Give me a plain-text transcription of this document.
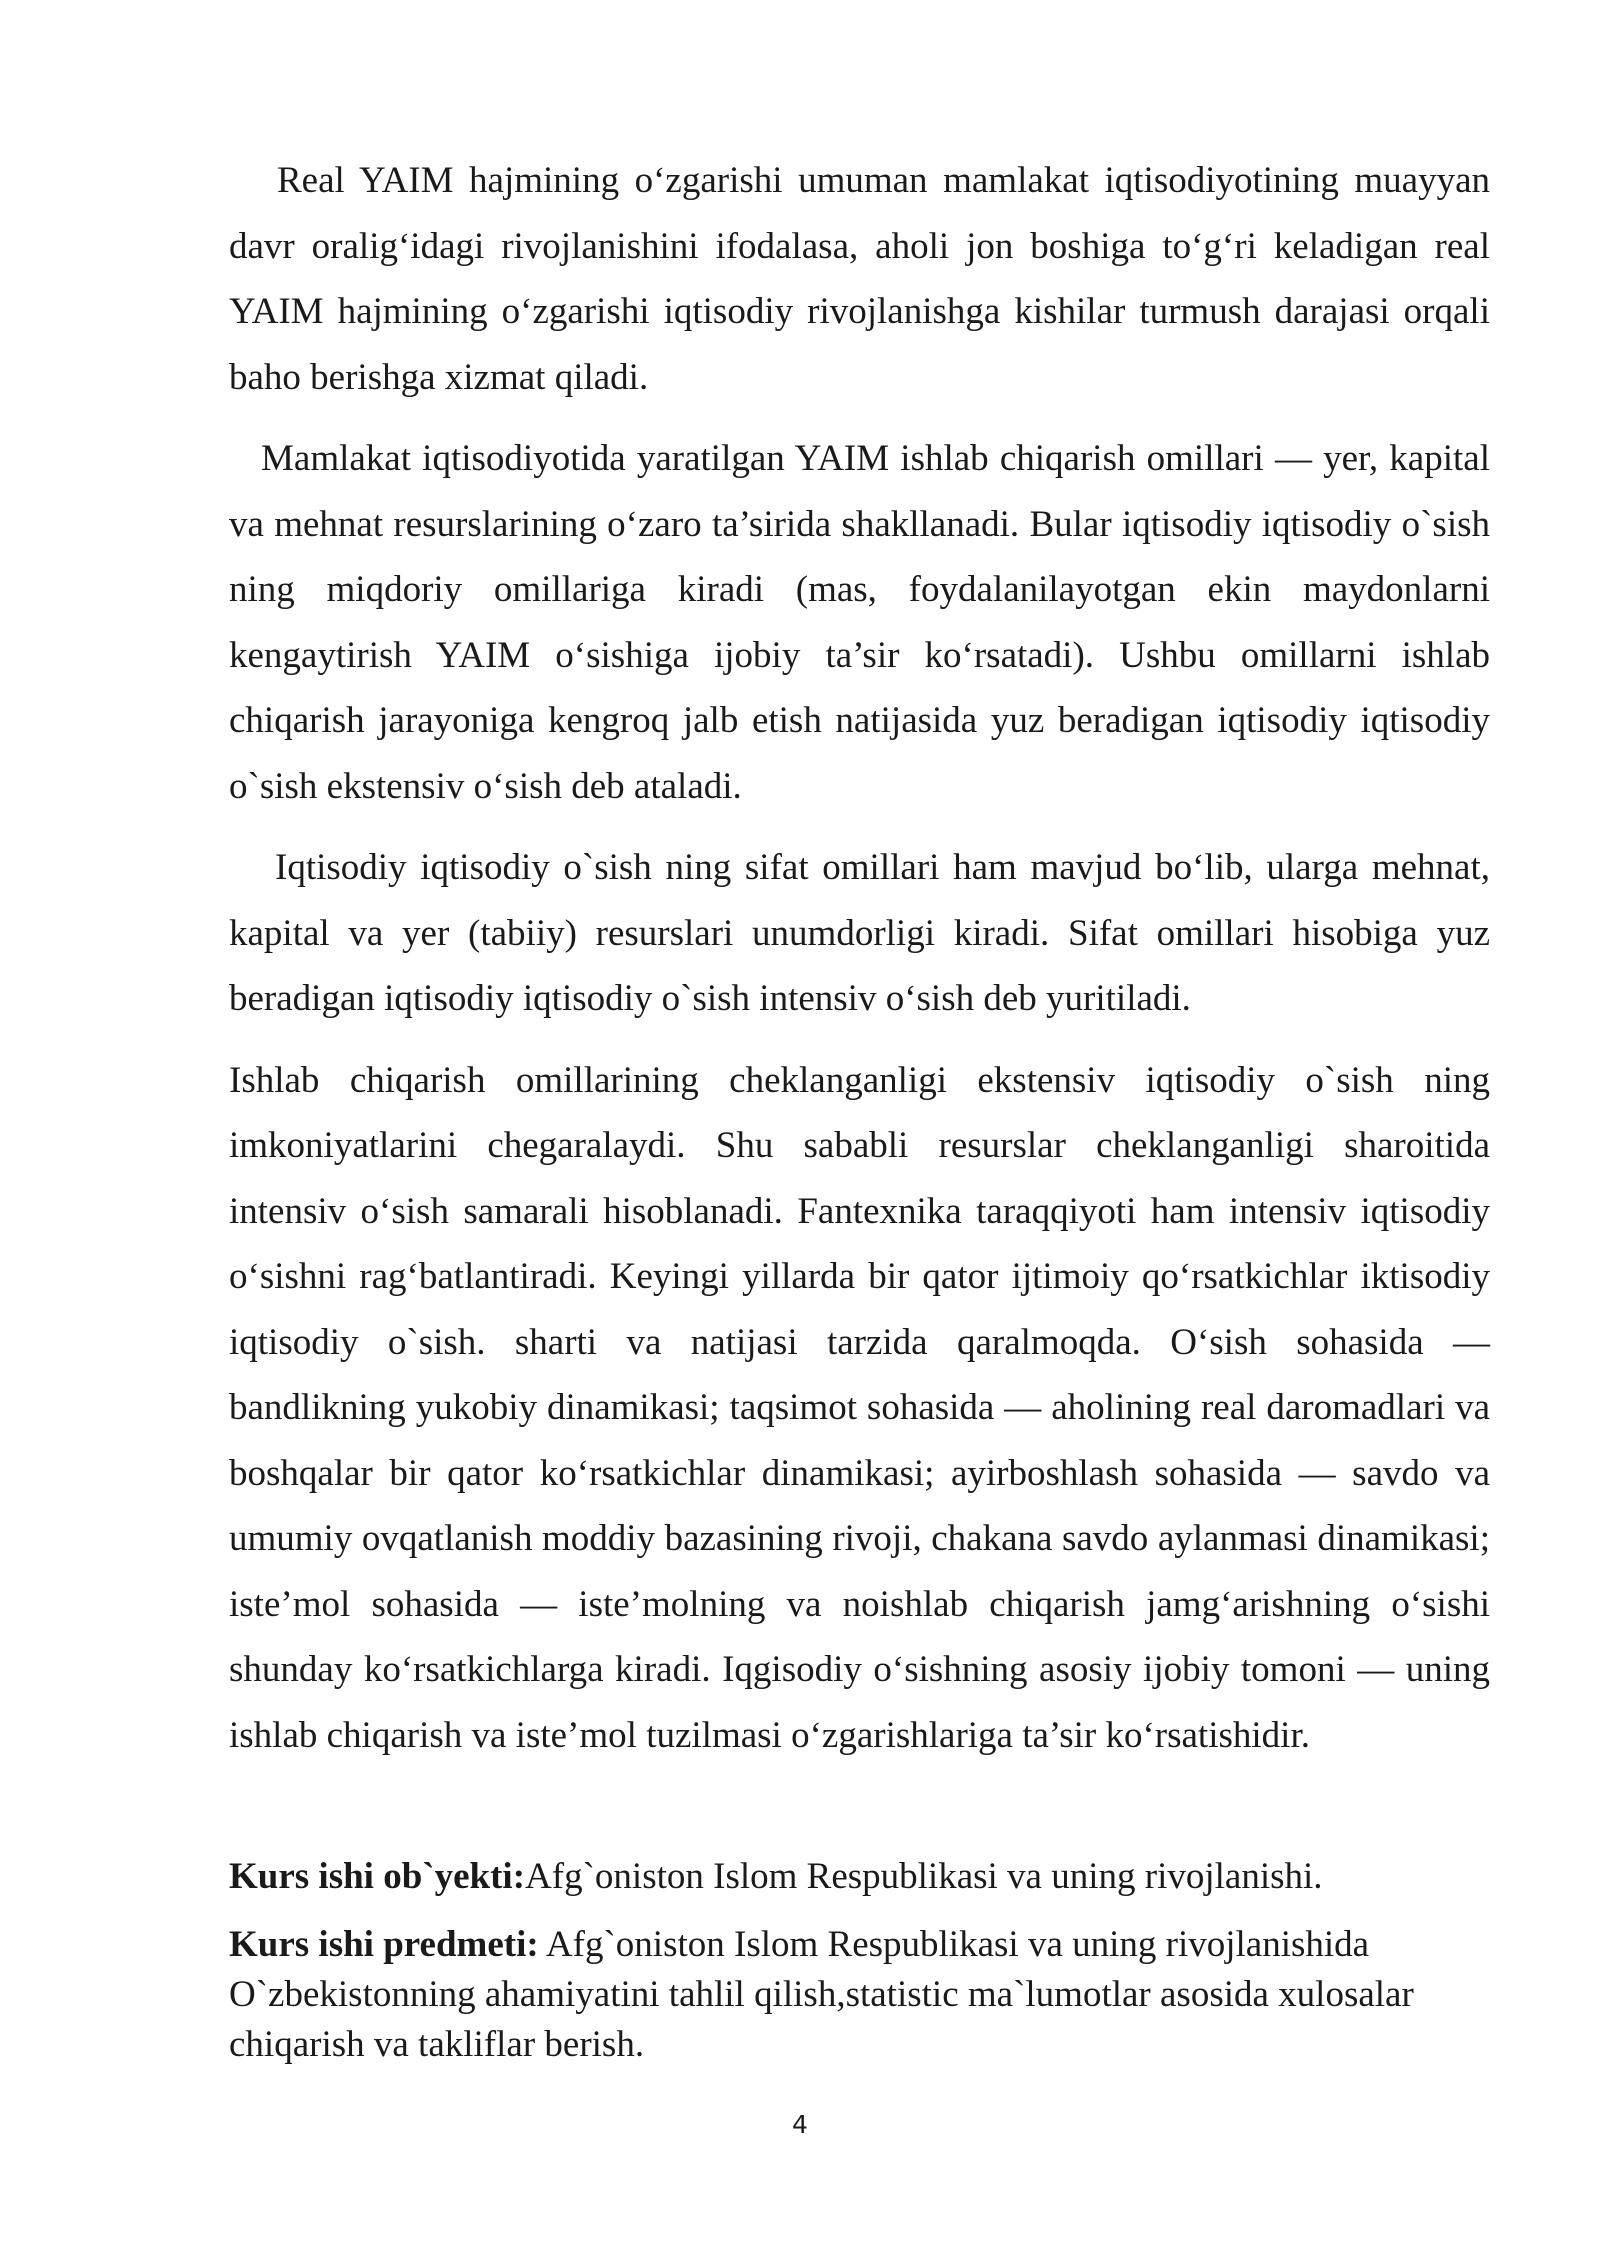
Real YAIM hajmining o‘zgarishi umuman mamlakat iqtisodiyotining muayyan davr oralig‘idagi rivojlanishini ifodalasa, aholi jon boshiga to‘g‘ri keladigan real YAIM hajmining o‘zgarishi iqtisodiy rivojlanishga kishilar turmush darajasi orqali baho berishga xizmat qiladi.

Mamlakat iqtisodiyotida yaratilgan YAIM ishlab chiqarish omillari — yer, kapital va mehnat resurslarining o‘zaro ta’sirida shakllanadi. Bular iqtisodiy iqtisodiy o`sish ning miqdoriy omillariga kiradi (mas, foydalanilayotgan ekin maydonlarni kengaytirish YAIM o‘sishiga ijobiy ta’sir ko‘rsatadi). Ushbu omillarni ishlab chiqarish jarayoniga kengroq jalb etish natijasida yuz beradigan iqtisodiy iqtisodiy o`sish ekstensiv o‘sish deb ataladi.

Iqtisodiy iqtisodiy o`sish ning sifat omillari ham mavjud bo‘lib, ularga mehnat, kapital va yer (tabiiy) resurslari unumdorligi kiradi. Sifat omillari hisobiga yuz beradigan iqtisodiy iqtisodiy o`sish intensiv o‘sish deb yuritiladi.

Ishlab chiqarish omillarining cheklanganligi ekstensiv iqtisodiy o`sish ning imkoniyatlarini chegaralaydi. Shu sababli resurslar cheklanganligi sharoitida intensiv o‘sish samarali hisoblanadi. Fantexnika taraqqiyoti ham intensiv iqtisodiy o‘sishni rag‘batlantiradi. Keyingi yillarda bir qator ijtimoiy qo‘rsatkichlar iktisodiy iqtisodiy o`sish. sharti va natijasi tarzida qaralmoqda. O‘sish sohasida — bandlikning yukobiy dinamikasi; taqsimot sohasida — aholining real daromadlari va boshqalar bir qator ko‘rsatkichlar dinamikasi; ayirboshlash sohasida — savdo va umumiy ovqatlanish moddiy bazasining rivoji, chakana savdo aylanmasi dinamikasi; iste’mol sohasida — iste’molning va noishlab chiqarish jamg‘arishning o‘sishi shunday ko‘rsatkichlarga kiradi. Iqgisodiy o‘sishning asosiy ijobiy tomoni — uning ishlab chiqarish va iste’mol tuzilmasi o‘zgarishlariga ta’sir ko‘rsatishidir.

Kurs ishi ob`yekti:Afg`oniston Islom Respublikasi va uning rivojlanishi.

Kurs ishi predmeti: Afg`oniston Islom Respublikasi va uning rivojlanishida O`zbekistonning ahamiyatini tahlil qilish,statistic ma`lumotlar asosida xulosalar chiqarish va takliflar berish.

4
